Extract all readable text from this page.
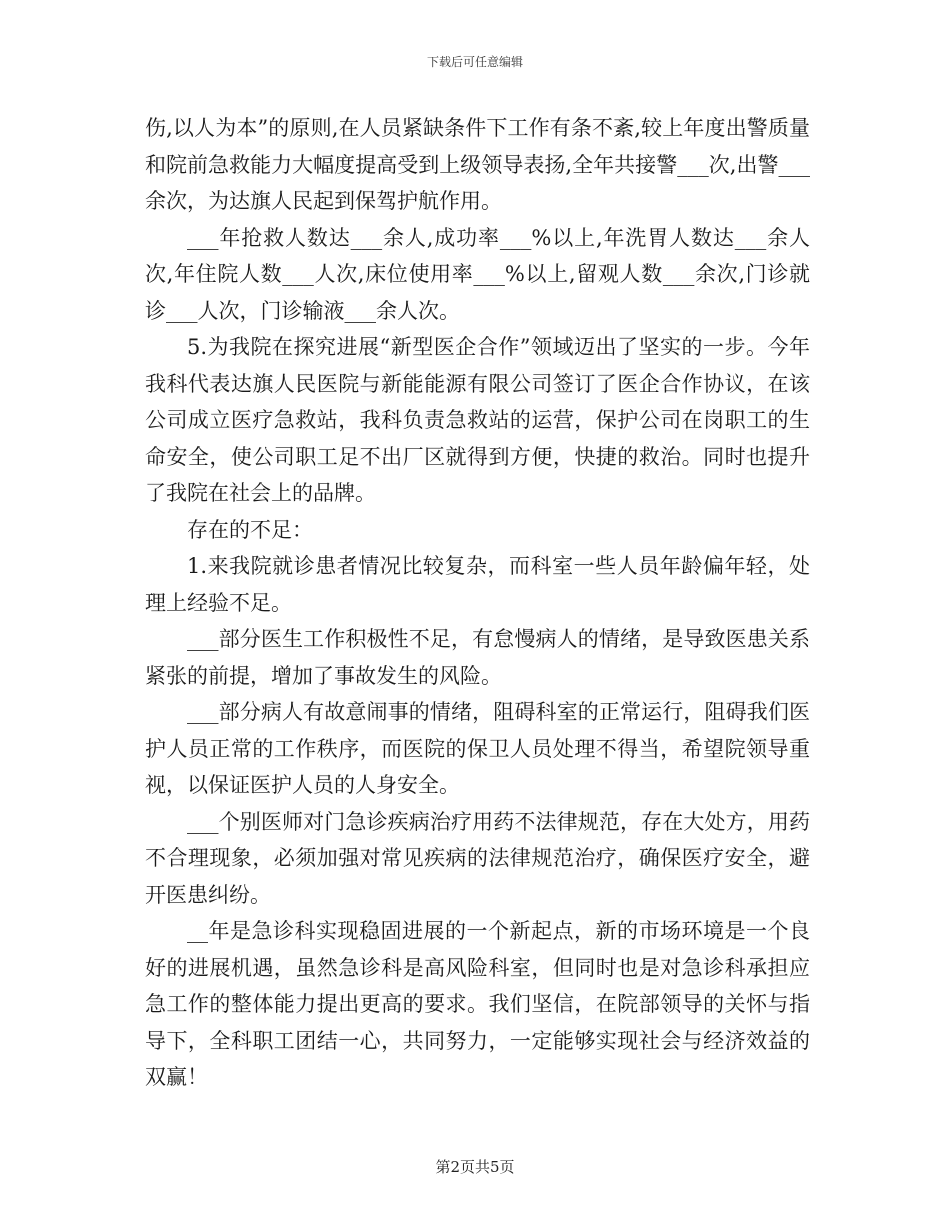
下载后可任意编辑

伤,以人为本”的原则,在人员紧缺条件下工作有条不紊,较上年度出警质量和院前急救能力大幅度提高受到上级领导表扬,全年共接警___次,出警___余次，为达旗人民起到保驾护航作用。

___年抢救人数达___余人,成功率___%以上,年洗胃人数达___余人次,年住院人数___人次,床位使用率___%以上,留观人数___余次,门诊就诊___人次，门诊输液___余人次。

5.为我院在探究进展“新型医企合作”领域迈出了坚实的一步。今年我科代表达旗人民医院与新能能源有限公司签订了医企合作协议，在该公司成立医疗急救站，我科负责急救站的运营，保护公司在岗职工的生命安全，使公司职工足不出厂区就得到方便，快捷的救治。同时也提升了我院在社会上的品牌。

存在的不足：

1.来我院就诊患者情况比较复杂，而科室一些人员年龄偏年轻，处理上经验不足。

___部分医生工作积极性不足，有怠慢病人的情绪，是导致医患关系紧张的前提，增加了事故发生的风险。

___部分病人有故意闹事的情绪，阻碍科室的正常运行，阻碍我们医护人员正常的工作秩序，而医院的保卫人员处理不得当，希望院领导重视，以保证医护人员的人身安全。

___个别医师对门急诊疾病治疗用药不法律规范，存在大处方，用药不合理现象，必须加强对常见疾病的法律规范治疗，确保医疗安全，避开医患纠纷。

__年是急诊科实现稳固进展的一个新起点，新的市场环境是一个良好的进展机遇，虽然急诊科是高风险科室，但同时也是对急诊科承担应急工作的整体能力提出更高的要求。我们坚信，在院部领导的关怀与指导下，全科职工团结一心，共同努力，一定能够实现社会与经济效益的双赢！

第2页共5页
